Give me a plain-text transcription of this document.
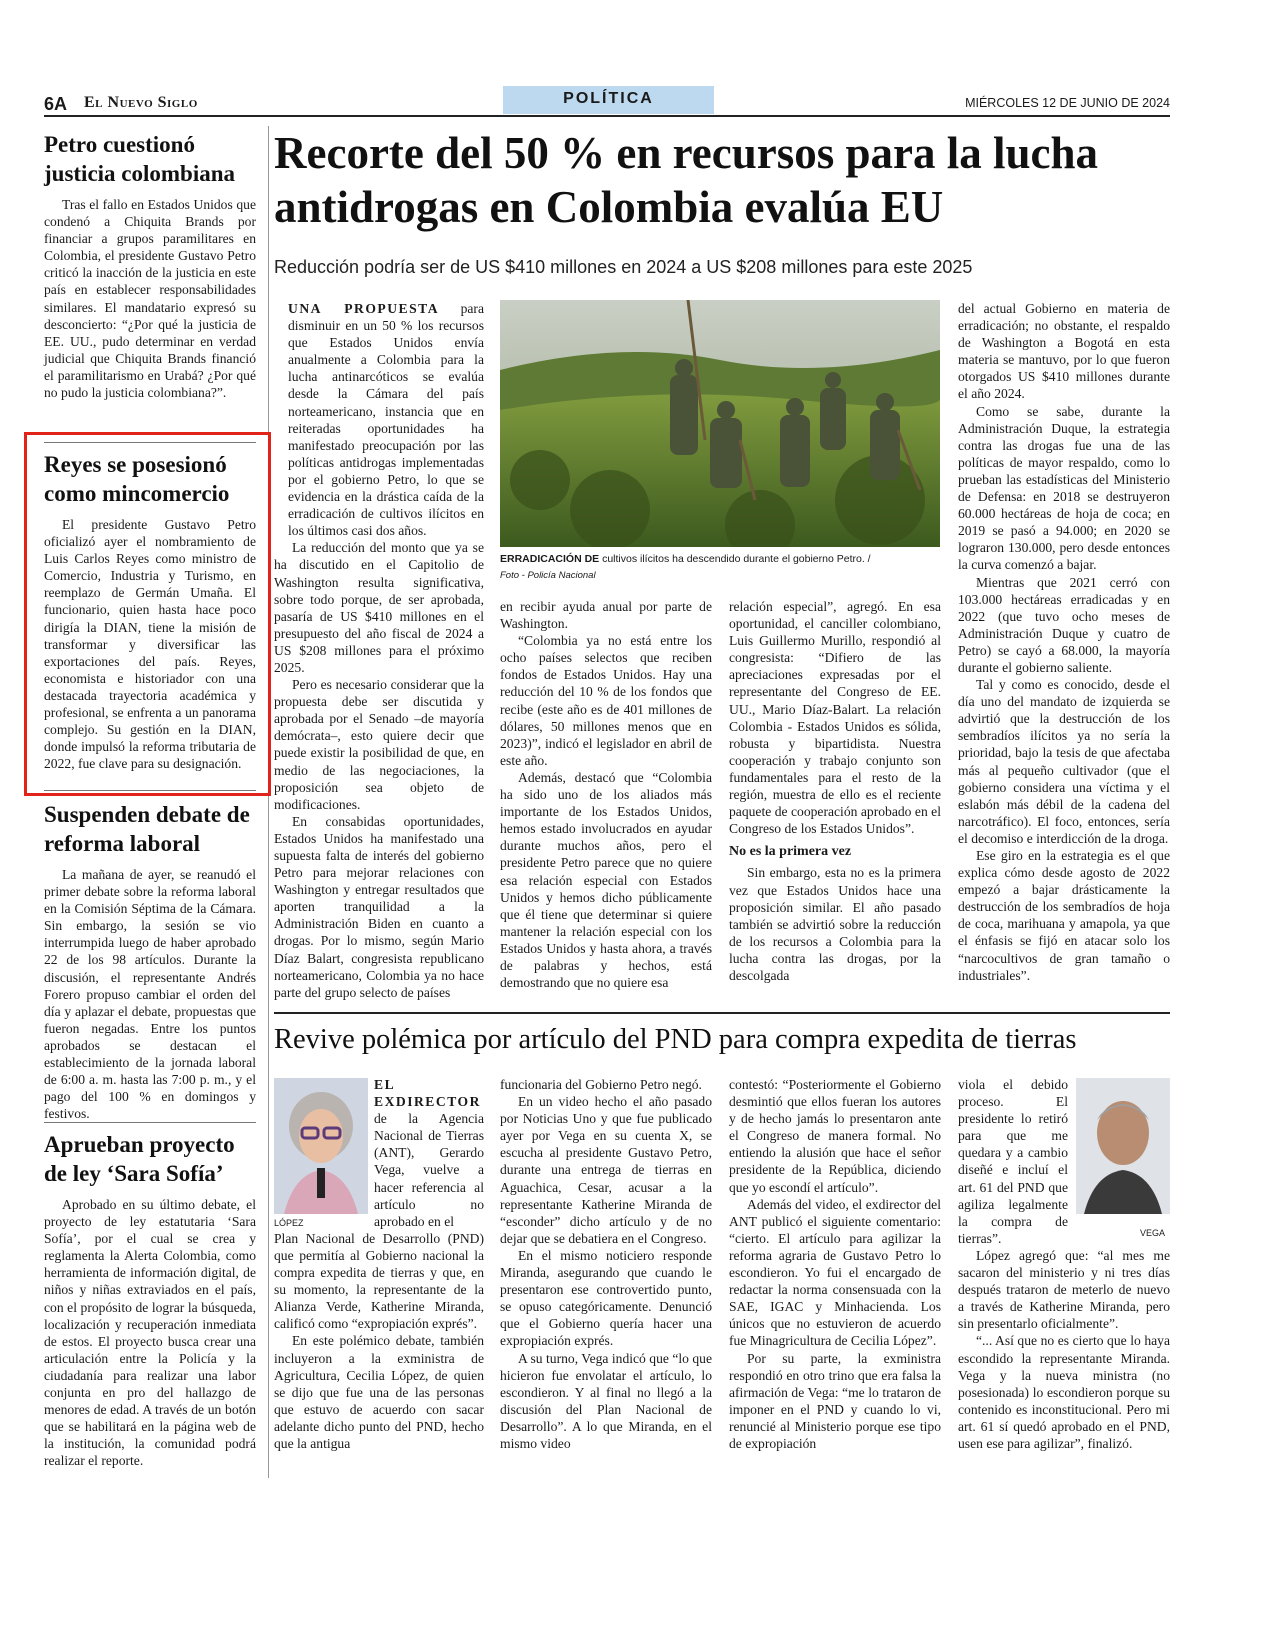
6A El Nuevo Siglo	POLÍTICA	MIÉRCOLES 12 DE JUNIO DE 2024
Petro cuestionó justicia colombiana

Tras el fallo en Estados Unidos que condenó a Chiquita Brands por financiar a grupos paramilitares en Colombia, el presidente Gustavo Petro criticó la inacción de la justicia en este país en establecer responsabilidades similares. El mandatario expresó su desconcierto: “¿Por qué la justicia de EE. UU., pudo determinar en verdad judicial que Chiquita Brands financió el paramilitarismo en Urabá? ¿Por qué no pudo la justicia colombiana?”.

Reyes se posesionó como mincomercio

El presidente Gustavo Petro oficializó ayer el nombramiento de Luis Carlos Reyes como ministro de Comercio, Industria y Turismo, en reemplazo de Germán Umaña. El funcionario, quien hasta hace poco dirigía la DIAN, tiene la misión de transformar y diversificar las exportaciones del país. Reyes, economista e historiador con una destacada trayectoria académica y profesional, se enfrenta a un panorama complejo. Su gestión en la DIAN, donde impulsó la reforma tributaria de 2022, fue clave para su designación.

Suspenden debate de reforma laboral

La mañana de ayer, se reanudó el primer debate sobre la reforma laboral en la Comisión Séptima de la Cámara. Sin embargo, la sesión se vio interrumpida luego de haber aprobado 22 de los 98 artículos. Durante la discusión, el representante Andrés Forero propuso cambiar el orden del día y aplazar el debate, propuestas que fueron negadas. Entre los puntos aprobados se destacan el establecimiento de la jornada laboral de 6:00 a. m. hasta las 7:00 p. m., y el pago del 100 % en domingos y festivos.

Aprueban proyecto de ley ‘Sara Sofía’

Aprobado en su último debate, el proyecto de ley estatutaria ‘Sara Sofía’, por el cual se crea y reglamenta la Alerta Colombia, como herramienta de información digital, de niños y niñas extraviados en el país, con el propósito de lograr la búsqueda, localización y recuperación inmediata de estos. El proyecto busca crear una articulación entre la Policía y la ciudadanía para realizar una labor conjunta en pro del hallazgo de menores de edad. A través de un botón que se habilitará en la página web de la institución, la comunidad podrá realizar el reporte.

Recorte del 50 % en recursos para la lucha antidrogas en Colombia evalúa EU
Reducción podría ser de US $410 millones en 2024 a US $208 millones para este 2025
ERRADICACIÓN DE cultivos ilícitos ha descendido durante el gobierno Petro. /
Foto - Policía Nacional

UNA PROPUESTA para disminuir en un 50 % los recursos que Estados Unidos envía anualmente a Colombia para la lucha antinarcóticos se evalúa desde la Cámara del país norteamericano, instancia que en reiteradas oportunidades ha manifestado preocupación por las políticas antidrogas implementadas por el gobierno Petro, lo que se evidencia en la drástica caída de la erradicación de cultivos ilícitos en los últimos casi dos años.

La reducción del monto que ya se ha discutido en el Capitolio de Washington resulta significativa, sobre todo porque, de ser aprobada, pasaría de US $410 millones en el presupuesto del año fiscal de 2024 a US $208 millones para el próximo 2025.

Pero es necesario considerar que la propuesta debe ser discutida y aprobada por el Senado –de mayoría demócrata–, esto quiere decir que puede existir la posibilidad de que, en medio de las negociaciones, la proposición sea objeto de modificaciones.

En consabidas oportunidades, Estados Unidos ha manifestado una supuesta falta de interés del gobierno Petro para mejorar relaciones con Washington y entregar resultados que aporten tranquilidad a la Administración Biden en cuanto a drogas. Por lo mismo, según Mario Díaz Balart, congresista republicano norteamericano, Colombia ya no hace parte del grupo selecto de países

en recibir ayuda anual por parte de Washington.

“Colombia ya no está entre los ocho países selectos que reciben fondos de Estados Unidos. Hay una reducción del 10 % de los fondos que recibe (este año es de 401 millones de dólares, 50 millones menos que en 2023)”, indicó el legislador en abril de este año.

Además, destacó que “Colombia ha sido uno de los aliados más importante de los Estados Unidos, hemos estado involucrados en ayudar durante muchos años, pero el presidente Petro parece que no quiere esa relación especial con Estados Unidos y hemos dicho públicamente que él tiene que determinar si quiere mantener la relación especial con los Estados Unidos y hasta ahora, a través de palabras y hechos, está demostrando que no quiere esa

relación especial”, agregó. En esa oportunidad, el canciller colombiano, Luis Guillermo Murillo, respondió al congresista: “Difiero de las apreciaciones expresadas por el representante del Congreso de EE. UU., Mario Díaz-Balart. La relación Colombia - Estados Unidos es sólida, robusta y bipartidista. Nuestra cooperación y trabajo conjunto son fundamentales para el resto de la región, muestra de ello es el reciente paquete de cooperación aprobado en el Congreso de los Estados Unidos”.

No es la primera vez

Sin embargo, esta no es la primera vez que Estados Unidos hace una proposición similar. El año pasado también se advirtió sobre la reducción de los recursos a Colombia para la lucha contra las drogas, por la descolgada

del actual Gobierno en materia de erradicación; no obstante, el respaldo de Washington a Bogotá en esta materia se mantuvo, por lo que fueron otorgados US $410 millones durante el año 2024.

Como se sabe, durante la Administración Duque, la estrategia contra las drogas fue una de las políticas de mayor respaldo, como lo prueban las estadísticas del Ministerio de Defensa: en 2018 se destruyeron 60.000 hectáreas de hoja de coca; en 2019 se pasó a 94.000; en 2020 se lograron 130.000, pero desde entonces la curva comenzó a bajar.

Mientras que 2021 cerró con 103.000 hectáreas erradicadas y en 2022 (que tuvo ocho meses de Administración Duque y cuatro de Petro) se cayó a 68.000, la mayoría durante el gobierno saliente.

Tal y como es conocido, desde el día uno del mandato de izquierda se advirtió que la destrucción de los sembradíos ilícitos ya no sería la prioridad, bajo la tesis de que afectaba más al pequeño cultivador (que el gobierno considera una víctima y el eslabón más débil de la cadena del narcotráfico). El foco, entonces, sería el decomiso e interdicción de la droga.

Ese giro en la estrategia es el que explica cómo desde agosto de 2022 empezó a bajar drásticamente la destrucción de los sembradíos de hoja de coca, marihuana y amapola, ya que el énfasis se fijó en atacar solo los “narcocultivos de gran tamaño o industriales”.

Revive polémica por artículo del PND para compra expedita de tierras
LÓPEZ

EL EXDIRECTOR de la Agencia Nacional de Tierras (ANT), Gerardo Vega, vuelve a hacer referencia al artículo no aprobado en el

Plan Nacional de Desarrollo (PND) que permitía al Gobierno nacional la compra expedita de tierras y que, en su momento, la representante de la Alianza Verde, Katherine Miranda, calificó como “expropiación exprés”.

En este polémico debate, también incluyeron a la exministra de Agricultura, Cecilia López, de quien se dijo que fue una de las personas que estuvo de acuerdo con sacar adelante dicho punto del PND, hecho que la antigua

funcionaria del Gobierno Petro negó.

En un video hecho el año pasado por Noticias Uno y que fue publicado ayer por Vega en su cuenta X, se escucha al presidente Gustavo Petro, durante una entrega de tierras en Aguachica, Cesar, acusar a la representante Katherine Miranda de “esconder” dicho artículo y de no dejar que se debatiera en el Congreso.

En el mismo noticiero responde Miranda, asegurando que cuando le presentaron ese controvertido punto, se opuso categóricamente. Denunció que el Gobierno quería hacer una expropiación exprés.

A su turno, Vega indicó que “lo que hicieron fue envolatar el artículo, lo escondieron. Y al final no llegó a la discusión del Plan Nacional de Desarrollo”. A lo que Miranda, en el mismo video

contestó: “Posteriormente el Gobierno desmintió que ellos fueran los autores y de hecho jamás lo presentaron ante el Congreso de manera formal. No entiendo la alusión que hace el señor presidente de la República, diciendo que yo escondí el artículo”.

Además del video, el exdirector del ANT publicó el siguiente comentario: “cierto. El artículo para agilizar la reforma agraria de Gustavo Petro lo escondieron. Yo fui el encargado de redactar la norma consensuada con la SAE, IGAC y Minhacienda. Los únicos que no estuvieron de acuerdo fue Minagricultura de Cecilia López”.

Por su parte, la exministra respondió en otro trino que era falsa la afirmación de Vega: “me lo trataron de imponer en el PND y cuando lo vi, renuncié al Ministerio porque ese tipo de expropiación

VEGA

viola el debido proceso. El presidente lo retiró para que me quedara y a cambio diseñé e incluí el art. 61 del PND que agiliza legalmente la compra de tierras”.

López agregó que: “al mes me sacaron del ministerio y ni tres días después trataron de meterlo de nuevo a través de Katherine Miranda, pero sin presentarlo oficialmente”.

“... Así que no es cierto que lo haya escondido la representante Miranda. Vega y la nueva ministra (no posesionada) lo escondieron porque su contenido es inconstitucional. Pero mi art. 61 sí quedó aprobado en el PND, usen ese para agilizar”, finalizó.
